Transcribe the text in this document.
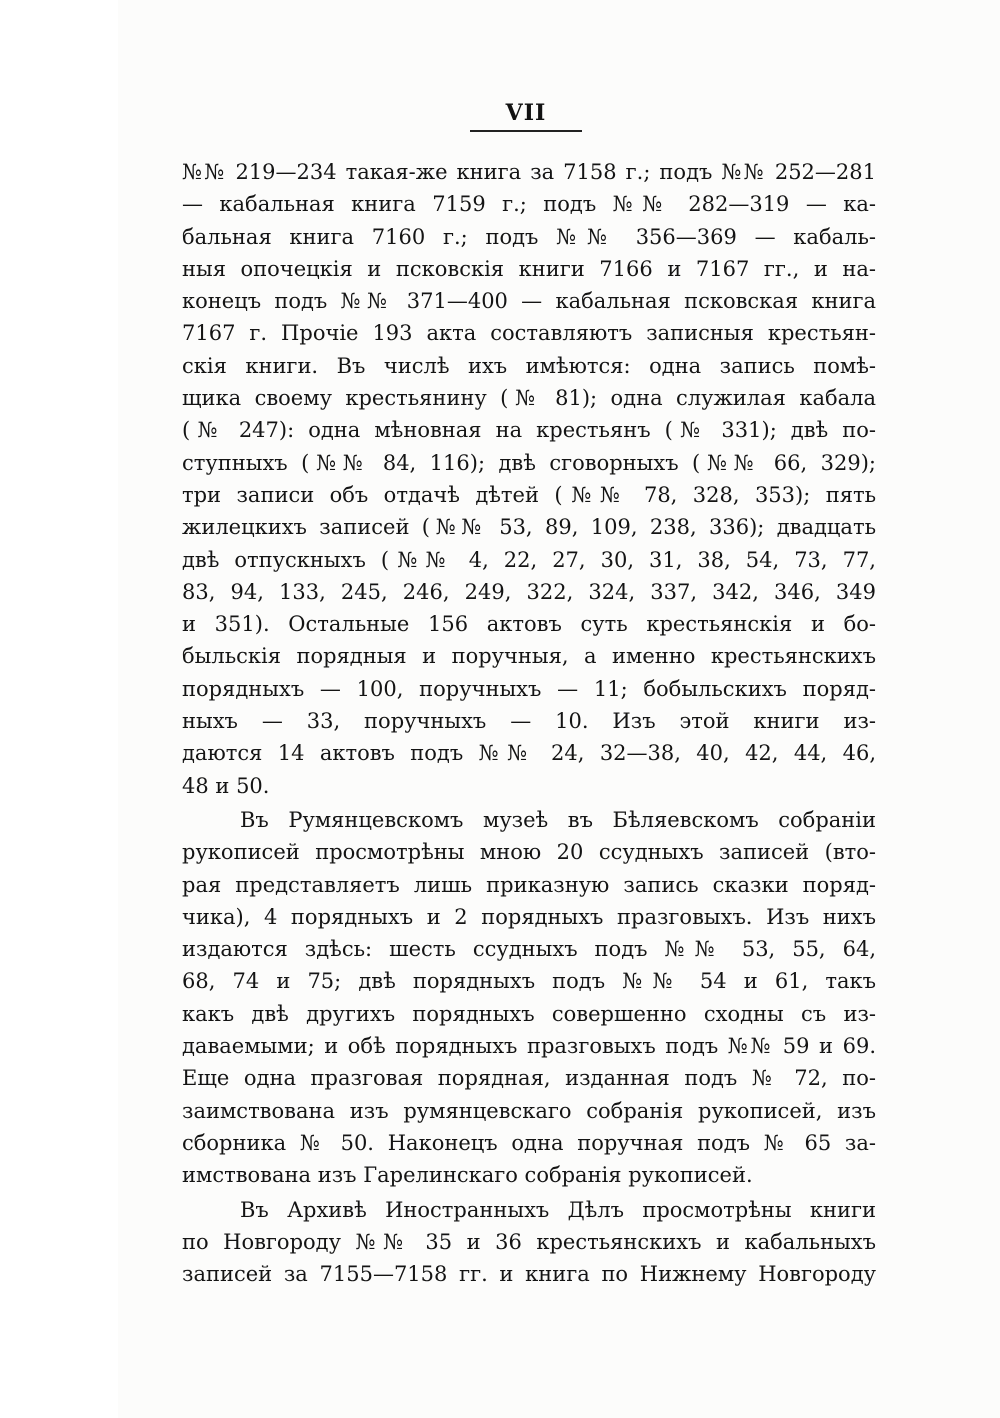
VII
№№ 219—234 такая-же книга за 7158 г.; подъ №№ 252—281
— кабальная книга 7159 г.; подъ №№ 282—319 — ка-
бальная книга 7160 г.; подъ №№ 356—369 — кабаль-
ныя опочецкія и псковскія книги 7166 и 7167 гг., и на-
конецъ подъ №№ 371—400 — кабальная псковская книга
7167 г. Прочіе 193 акта составляютъ записныя крестьян-
скія книги. Въ числѣ ихъ имѣются: одна запись помѣ-
щика своему крестьянину (№ 81); одна служилая кабала
(№ 247): одна мѣновная на крестьянъ (№ 331); двѣ по-
ступныхъ (№№ 84, 116); двѣ сговорныхъ (№№ 66, 329);
три записи объ отдачѣ дѣтей (№№ 78, 328, 353); пять
жилецкихъ записей (№№ 53, 89, 109, 238, 336); двадцать
двѣ отпускныхъ (№№ 4, 22, 27, 30, 31, 38, 54, 73, 77,
83, 94, 133, 245, 246, 249, 322, 324, 337, 342, 346, 349
и 351). Остальные 156 актовъ суть крестьянскія и бо-
быльскія порядныя и поручныя, а именно крестьянскихъ
порядныхъ — 100, поручныхъ — 11; бобыльскихъ поряд-
ныхъ — 33, поручныхъ — 10. Изъ этой книги из-
даются 14 актовъ подъ №№ 24, 32—38, 40, 42, 44, 46,
48 и 50.
Въ Румянцевскомъ музеѣ въ Бѣляевскомъ собраніи
рукописей просмотрѣны мною 20 ссудныхъ записей (вто-
рая представляетъ лишь приказную запись сказки поряд-
чика), 4 порядныхъ и 2 порядныхъ празговыхъ. Изъ нихъ
издаются здѣсь: шесть ссудныхъ подъ №№ 53, 55, 64,
68, 74 и 75; двѣ порядныхъ подъ №№ 54 и 61, такъ
какъ двѣ другихъ порядныхъ совершенно сходны съ из-
даваемыми; и обѣ порядныхъ празговыхъ подъ №№ 59 и 69.
Еще одна празговая порядная, изданная подъ № 72, по-
заимствована изъ румянцевскаго собранія рукописей, изъ
сборника № 50. Наконецъ одна поручная подъ № 65 за-
имствована изъ Гарелинскаго собранія рукописей.
Въ Архивѣ Иностранныхъ Дѣлъ просмотрѣны книги
по Новгороду №№ 35 и 36 крестьянскихъ и кабальныхъ
записей за 7155—7158 гг. и книга по Нижнему Новгороду
